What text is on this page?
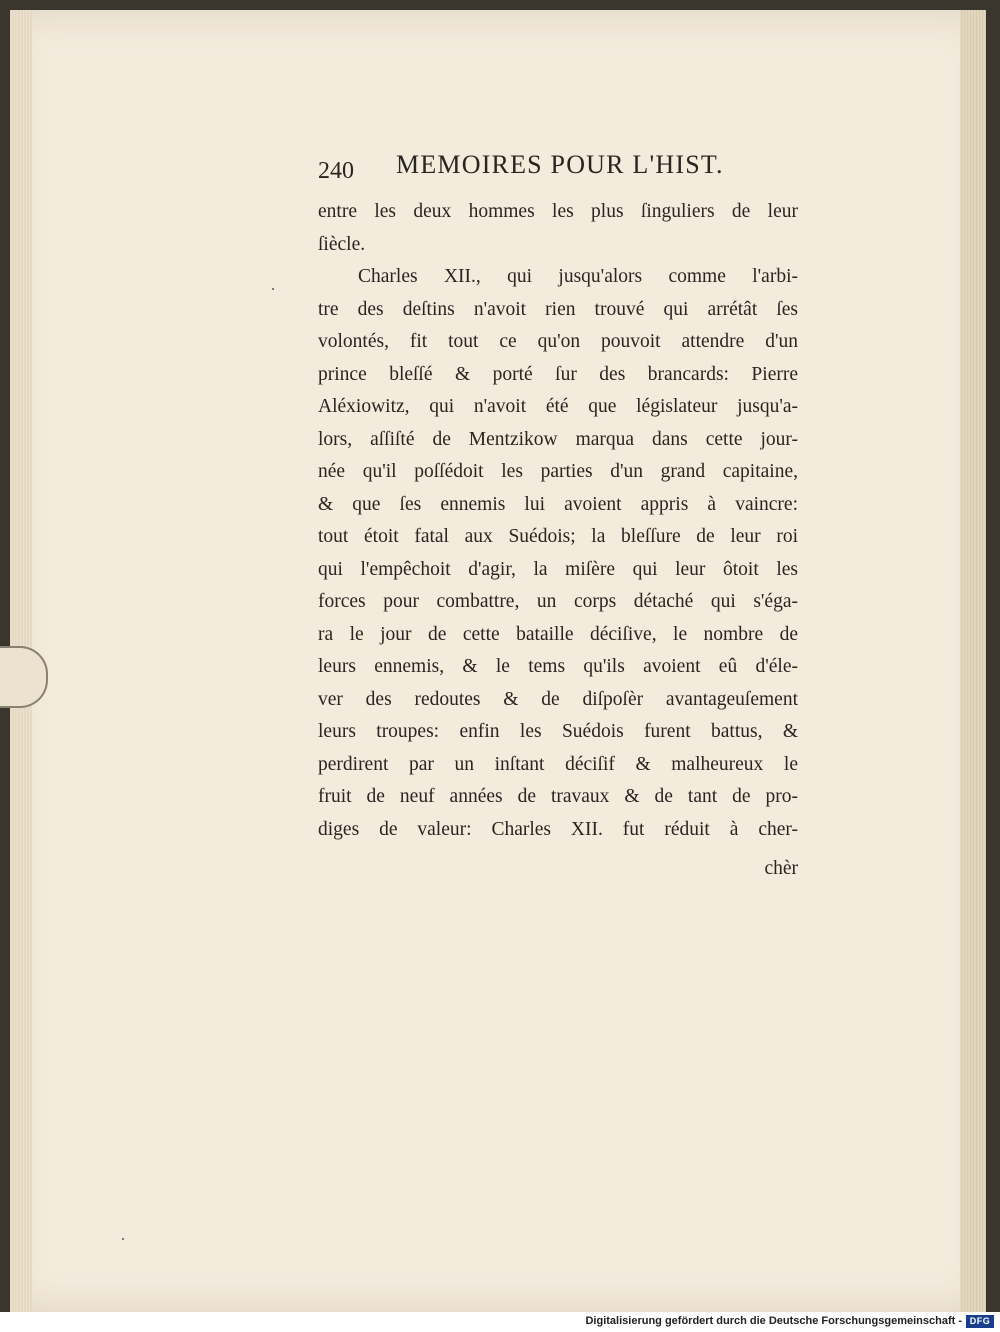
240 MEMOIRES POUR L'HIST.
entre les deux hommes les plus ſinguliers de leur
ſiècle.
Charles XII., qui jusqu'alors comme l'arbi-
tre des deſtins n'avoit rien trouvé qui arrétât ſes
volontés, fit tout ce qu'on pouvoit attendre d'un
prince bleſſé & porté ſur des brancards: Pierre
Aléxiowitz, qui n'avoit été que législateur jusqu'a-
lors, aſſiſté de Mentzikow marqua dans cette jour-
née qu'il poſſédoit les parties d'un grand capitaine,
& que ſes ennemis lui avoient appris à vaincre:
tout étoit fatal aux Suédois; la bleſſure de leur roi
qui l'empêchoit d'agir, la miſère qui leur ôtoit les
forces pour combattre, un corps détaché qui s'éga-
ra le jour de cette bataille déciſive, le nombre de
leurs ennemis, & le tems qu'ils avoient eû d'éle-
ver des redoutes & de diſpoſèr avantageuſement
leurs troupes: enfin les Suédois furent battus, &
perdirent par un inſtant déciſif & malheureux le
fruit de neuf années de travaux & de tant de pro-
diges de valeur: Charles XII. fut réduit à cher-
chèr
Digitalisierung gefördert durch die Deutsche Forschungsgemeinschaft - DFG
